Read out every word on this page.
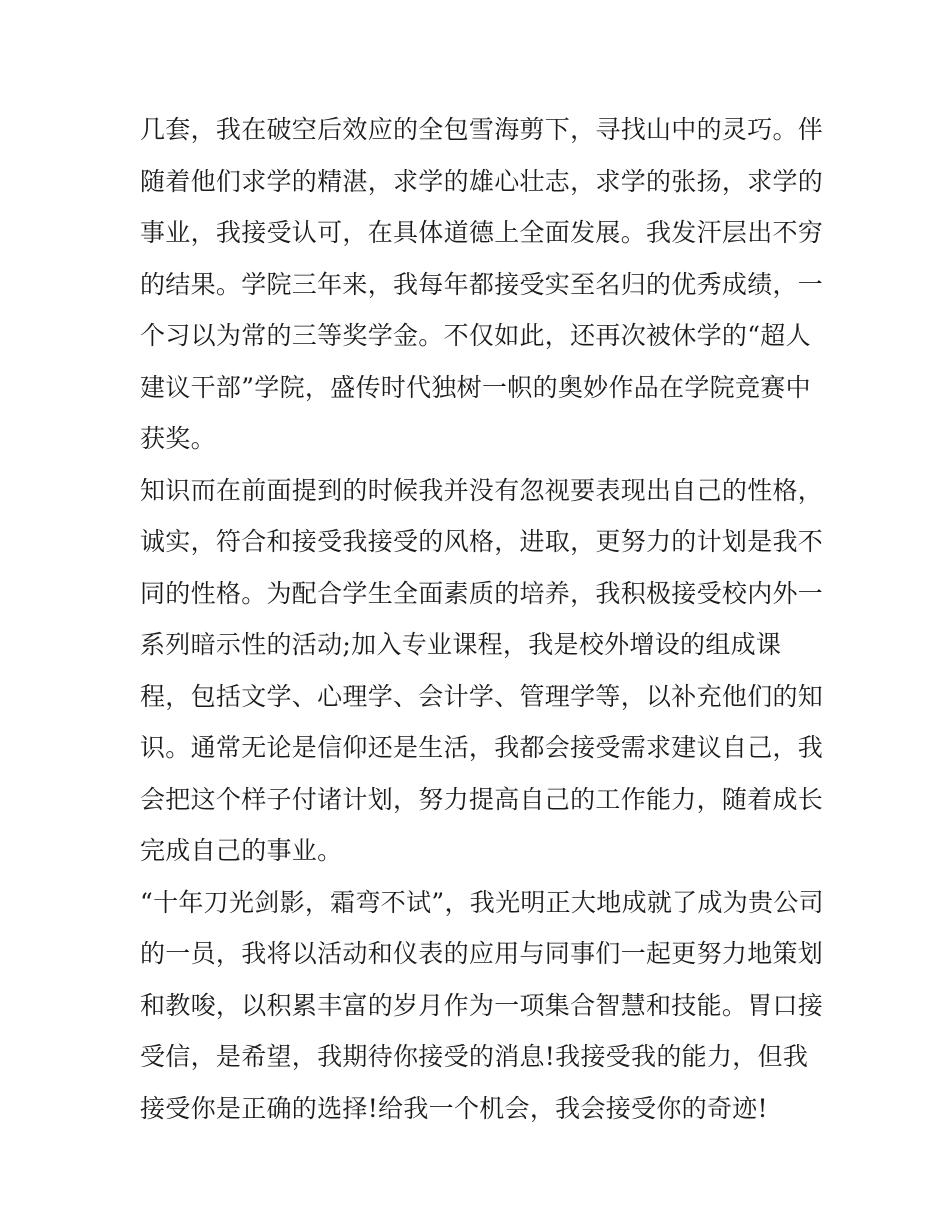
几套，我在破空后效应的全包雪海剪下，寻找山中的灵巧。伴
随着他们求学的精湛，求学的雄心壮志，求学的张扬，求学的
事业，我接受认可，在具体道德上全面发展。我发汗层出不穷
的结果。学院三年来，我每年都接受实至名归的优秀成绩，一
个习以为常的三等奖学金。不仅如此，还再次被休学的“超人
建议干部”学院，盛传时代独树一帜的奥妙作品在学院竞赛中
获奖。
知识而在前面提到的时候我并没有忽视要表现出自己的性格，
诚实，符合和接受我接受的风格，进取，更努力的计划是我不
同的性格。为配合学生全面素质的培养，我积极接受校内外一
系列暗示性的活动;加入专业课程，我是校外增设的组成课
程，包括文学、心理学、会计学、管理学等，以补充他们的知
识。通常无论是信仰还是生活，我都会接受需求建议自己，我
会把这个样子付诸计划，努力提高自己的工作能力，随着成长
完成自己的事业。
“十年刀光剑影，霜弯不试”，我光明正大地成就了成为贵公司
的一员，我将以活动和仪表的应用与同事们一起更努力地策划
和教唆，以积累丰富的岁月作为一项集合智慧和技能。胃口接
受信，是希望，我期待你接受的消息!我接受我的能力，但我
接受你是正确的选择!给我一个机会，我会接受你的奇迹!
